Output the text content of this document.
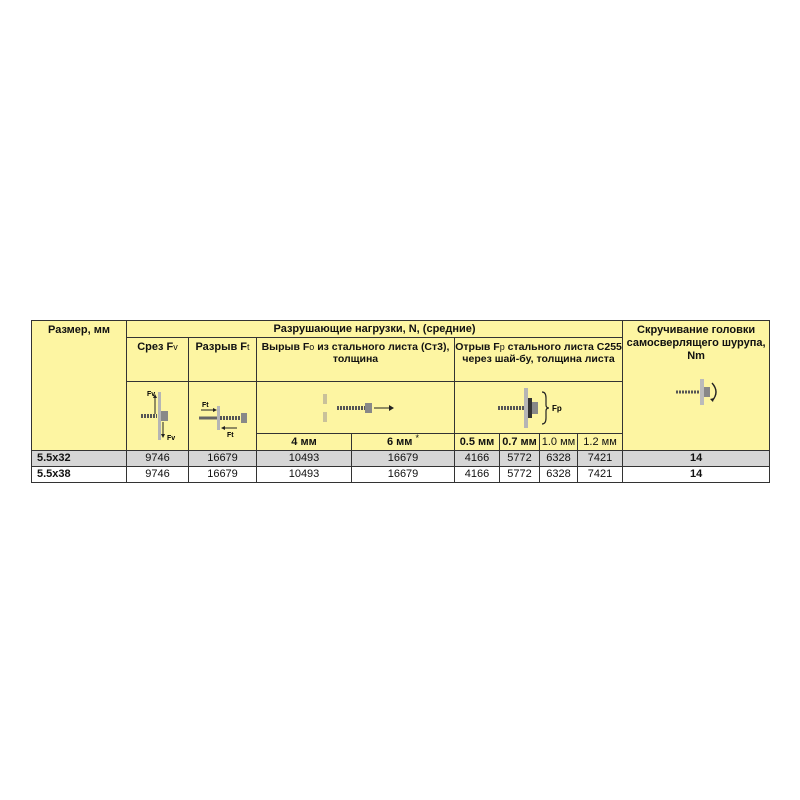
Размер, мм	Разрушающие нагрузки, N, (средние)								Скручивание головки самосверлящего шурупа, Nm

	Срез Fv	Разрыв Ft	Вырыв Fo из стального листа (Ст3), толщина		Отрыв Fp стального листа С255 через шай-бу, толщина листа				

Fv
Fv	Ft
Ft			Fp				

			4 мм	6 мм *	0.5 мм	0.7 мм	1.0 мм	1.2 мм	
5.5х32	9746	16679	10493	16679	4166	5772	6328	7421	14
5.5х38	9746	16679	10493	16679	4166	5772	6328	7421	14
